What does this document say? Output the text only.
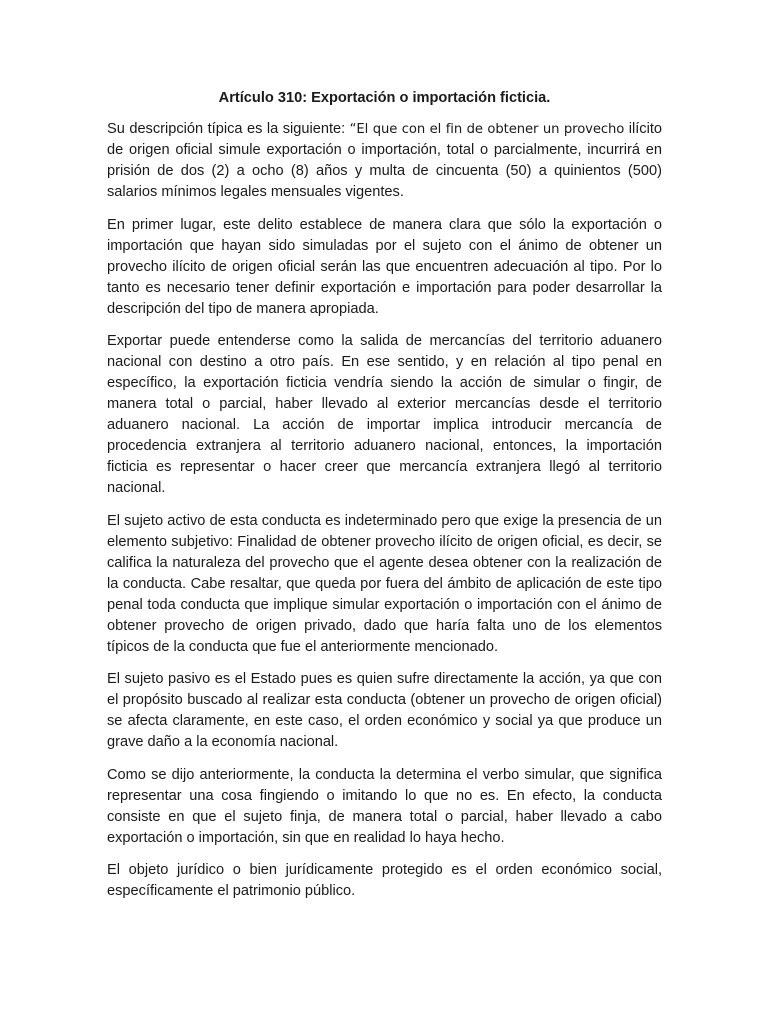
Artículo 310: Exportación o importación ficticia.

Su descripción típica es la siguiente: “El que con el fin de obtener un provecho ilícito de origen oficial simule exportación o importación, total o parcialmente, incurrirá en prisión de dos (2) a ocho (8) años y multa de cincuenta (50) a quinientos (500) salarios mínimos legales mensuales vigentes.

En primer lugar, este delito establece de manera clara que sólo la exportación o importación que hayan sido simuladas por el sujeto con el ánimo de obtener un provecho ilícito de origen oficial serán las que encuentren adecuación al tipo. Por lo tanto es necesario tener definir exportación e importación para poder desarrollar la descripción del tipo de manera apropiada.

Exportar puede entenderse como la salida de mercancías del territorio aduanero nacional con destino a otro país. En ese sentido, y en relación al tipo penal en específico, la exportación ficticia vendría siendo la acción de simular o fingir, de manera total o parcial, haber llevado al exterior mercancías desde el territorio aduanero nacional. La acción de importar implica introducir mercancía de procedencia extranjera al territorio aduanero nacional, entonces, la importación ficticia es representar o hacer creer que mercancía extranjera llegó al territorio nacional.

El sujeto activo de esta conducta es indeterminado pero que exige la presencia de un elemento subjetivo: Finalidad de obtener provecho ilícito de origen oficial, es decir, se califica la naturaleza del provecho que el agente desea obtener con la realización de la conducta. Cabe resaltar, que queda por fuera del ámbito de aplicación de este tipo penal toda conducta que implique simular exportación o importación con el ánimo de obtener provecho de origen privado, dado que haría falta uno de los elementos típicos de la conducta que fue el anteriormente mencionado.

El sujeto pasivo es el Estado pues es quien sufre directamente la acción, ya que con el propósito buscado al realizar esta conducta (obtener un provecho de origen oficial) se afecta claramente, en este caso, el orden económico y social ya que produce un grave daño a la economía nacional.

Como se dijo anteriormente, la conducta la determina el verbo simular, que significa representar una cosa fingiendo o imitando lo que no es. En efecto, la conducta consiste en que el sujeto finja, de manera total o parcial, haber llevado a cabo exportación o importación, sin que en realidad lo haya hecho.

El objeto jurídico o bien jurídicamente protegido es el orden económico social, específicamente el patrimonio público.
